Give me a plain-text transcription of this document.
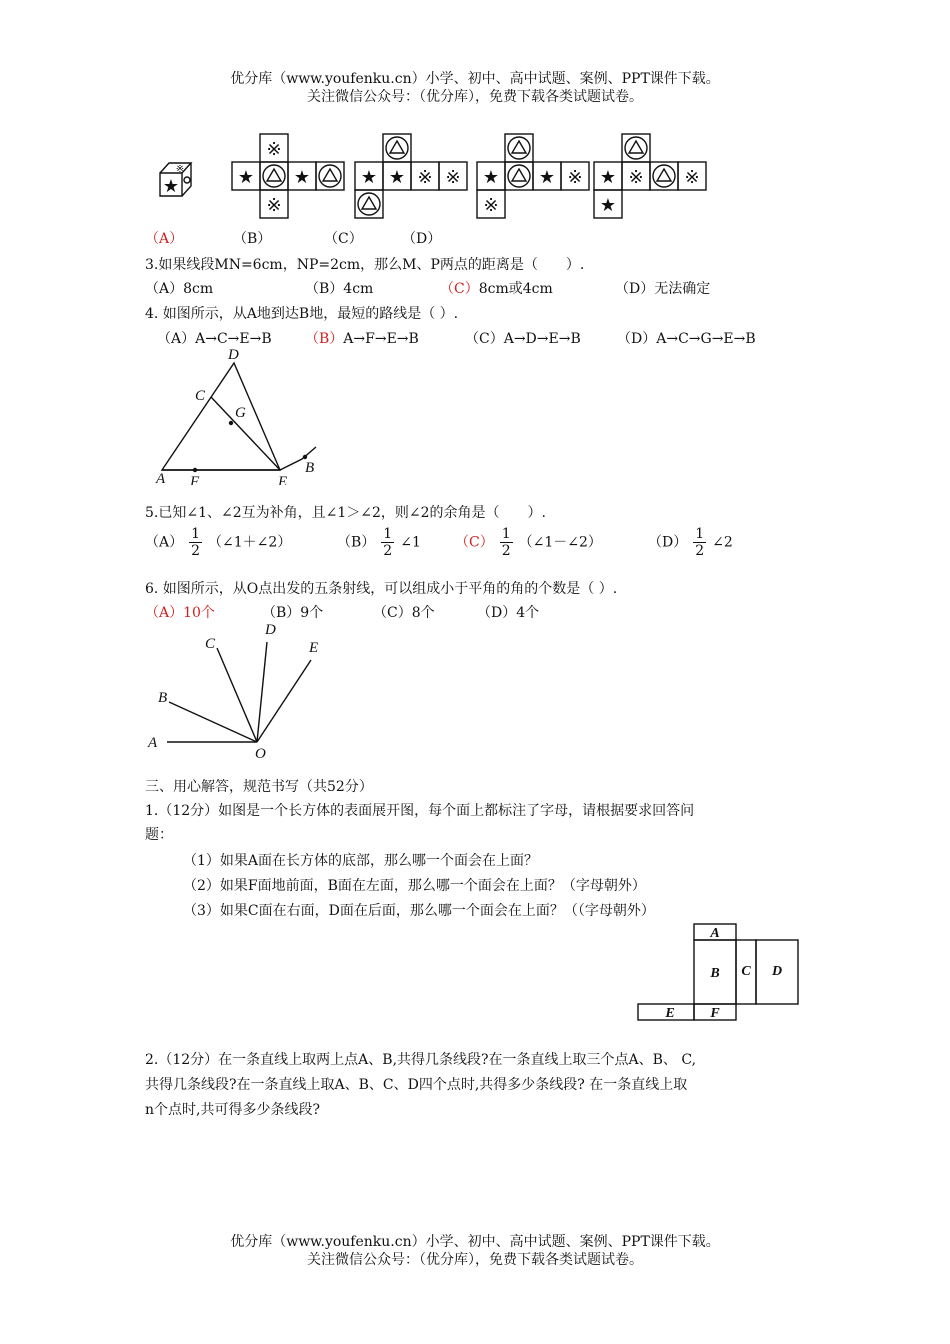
优分库（www.youfenku.cn）小学、初中、高中试题、案例、PPT课件下载。
关注微信公众号：（优分库），免费下载各类试题试卷。
★
※
※
★ ★
※
★ ★ ※ ※ ★ ★ ※
※
★ ※ ※
★
（A）	（B）	（C）	（D）
3.如果线段MN=6cm，NP=2cm，那么M、P两点的距离是（　　）.
（A）8cm	（B）4cm	（C）8cm或4cm	（D）无法确定
4. 如图所示，从A地到达B地，最短的路线是（ ）.
（A）A→C→E→B （B）A→F→E→B	（C）A→D→E→B	（D）A→C→G→E→B
D
C
G
A F	E
B
5.已知∠1、∠2互为补角，且∠1＞∠2，则∠2的余角是（　　）.
$(A) \frac{1}{2}$ （∠1＋∠2）	$(B) \frac{1}{2}$ ∠1 $(C) \frac{1}{2}$ （∠1－∠2）	$(D) \frac{1}{2}$ ∠2
6. 如图所示，从O点出发的五条射线，可以组成小于平角的角的个数是（ ）.
（A）10个	（B）9个	（C）8个	（D）4个
C
D
E
B
A
O
三、用心解答，规范书写（共52分）
1.（12分）如图是一个长方体的表面展开图，每个面上都标注了字母，请根据要求回答问
题：
（1）如果A面在长方体的底部，那么哪一个面会在上面？
（2）如果F面地前面，B面在左面，那么哪一个面会在上面？（字母朝外）
（3）如果C面在右面，D面在后面，那么哪一个面会在上面？（（字母朝外）
A
B C D
E	F
2.（12分）在一条直线上取两上点A、B,共得几条线段?在一条直线上取三个点A、B、 C,
共得几条线段?在一条直线上取A、B、C、D四个点时,共得多少条线段? 在一条直线上取
n个点时,共可得多少条线段?
优分库（www.youfenku.cn）小学、初中、高中试题、案例、PPT课件下载。
关注微信公众号：（优分库），免费下载各类试题试卷。
